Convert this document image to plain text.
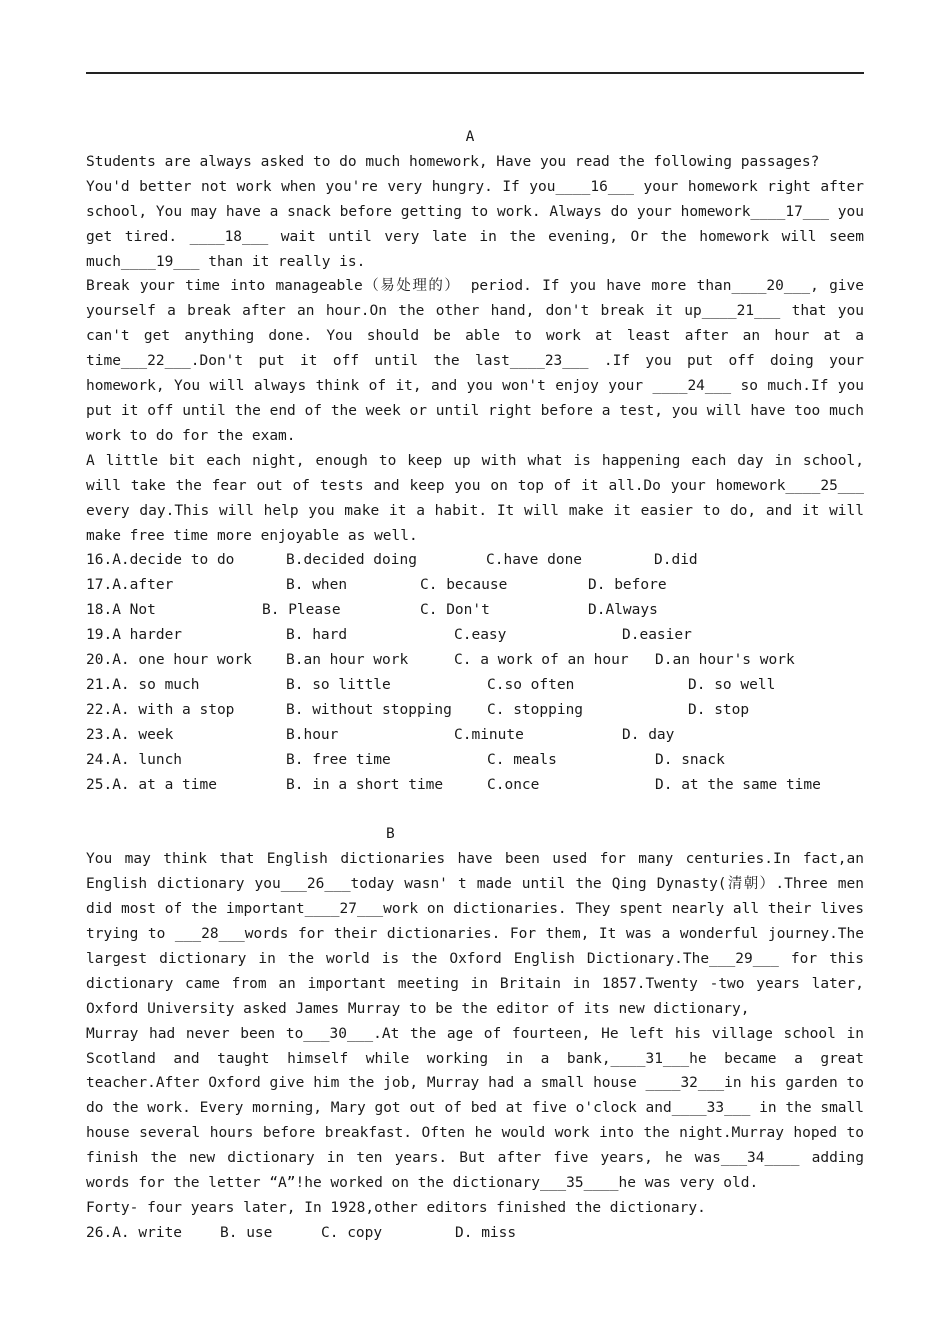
A
Students are always asked to do much homework, Have you read the following passages?
You'd better not work when you're very hungry. If you____16___ your homework right after school, You may have a snack before getting to work. Always do your homework____17___ you get tired. ____18___ wait until very late in the evening, Or the homework will seem much____19___ than it really is.
Break your time into manageable（易处理的） period. If you have more than____20___, give yourself a break after an hour.On the other hand, don't break it up____21___ that you can't get anything done. You should be able to work at least after an hour at a time___22___.Don't put it off until the last____23___ .If you put off doing your homework, You will always think of it, and you won't enjoy your ____24___ so much.If you put it off until the end of the week or until right before a test, you will have too much work to do for the exam.
A little bit each night, enough to keep up with what is happening each day in school, will take the fear out of tests and keep you on top of it all.Do your homework____25___ every day.This will help you make it a habit. It will make it easier to do, and it will make free time more enjoyable as well.
16.A.decide to do	B.decided doing	C.have done	D.did
17.A.after	B. when	C. because	D. before
18.A Not	B. Please	C. Don't	D.Always
19.A harder	B. hard	C.easy	D.easier
20.A. one hour work	B.an hour work	C. a work of an hour	D.an hour's work
21.A. so much	B. so little	C.so often	D. so well
22.A. with a stop	B. without stopping	C. stopping	D. stop
23.A. week	B.hour	C.minute	D. day
24.A. lunch	B. free time	C. meals	D. snack
25.A. at a time	B. in a short time	C.once	D. at the same time
B
You may think that English dictionaries have been used for many centuries.In fact,an English dictionary you___26___today wasn' t made until the Qing Dynasty(清朝）.Three men did most of the important____27___work on dictionaries. They spent nearly all their lives trying to ___28___words for their dictionaries. For them, It was a wonderful journey.The largest dictionary in the world is the Oxford English Dictionary.The___29___ for this dictionary came from an important meeting in Britain in 1857.Twenty -two years later, Oxford University asked James Murray to be the editor of its new dictionary,
Murray had never been to___30___.At the age of fourteen, He left his village school in Scotland and taught himself while working in a bank,____31___he became a great teacher.After Oxford give him the job, Murray had a small house ____32___in his garden to do the work. Every morning, Mary got out of bed at five o'clock and____33___ in the small house several hours before breakfast. Often he would work into the night.Murray hoped to finish the new dictionary in ten years. But after five years, he was___34____ adding words for the letter “A”!he worked on the dictionary___35____he was very old.
Forty- four years later, In 1928,other editors finished the dictionary.
26.A. write	B. use	C. copy	D. miss
